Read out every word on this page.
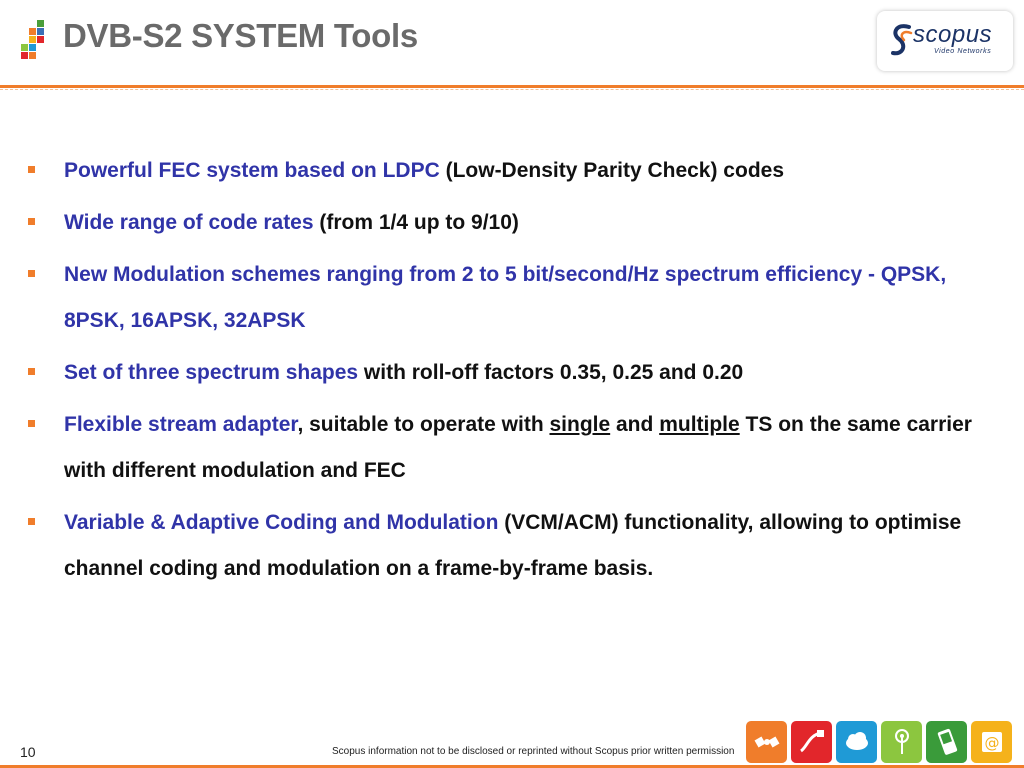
DVB-S2 SYSTEM Tools	scopus
Video Networks
Powerful FEC system based on LDPC (Low-Density Parity Check) codes
Wide range of code rates (from 1/4 up to 9/10)
New Modulation schemes ranging from 2 to 5 bit/second/Hz spectrum efficiency - QPSK, 8PSK, 16APSK, 32APSK
Set of three spectrum shapes with roll-off factors 0.35, 0.25 and 0.20
Flexible stream adapter, suitable to operate with single and multiple TS on the same carrier with different modulation and FEC
Variable & Adaptive Coding and Modulation (VCM/ACM) functionality, allowing to optimise channel coding and modulation on a frame-by-frame basis.
10	Scopus information not to be disclosed or reprinted without Scopus prior written permission	@
